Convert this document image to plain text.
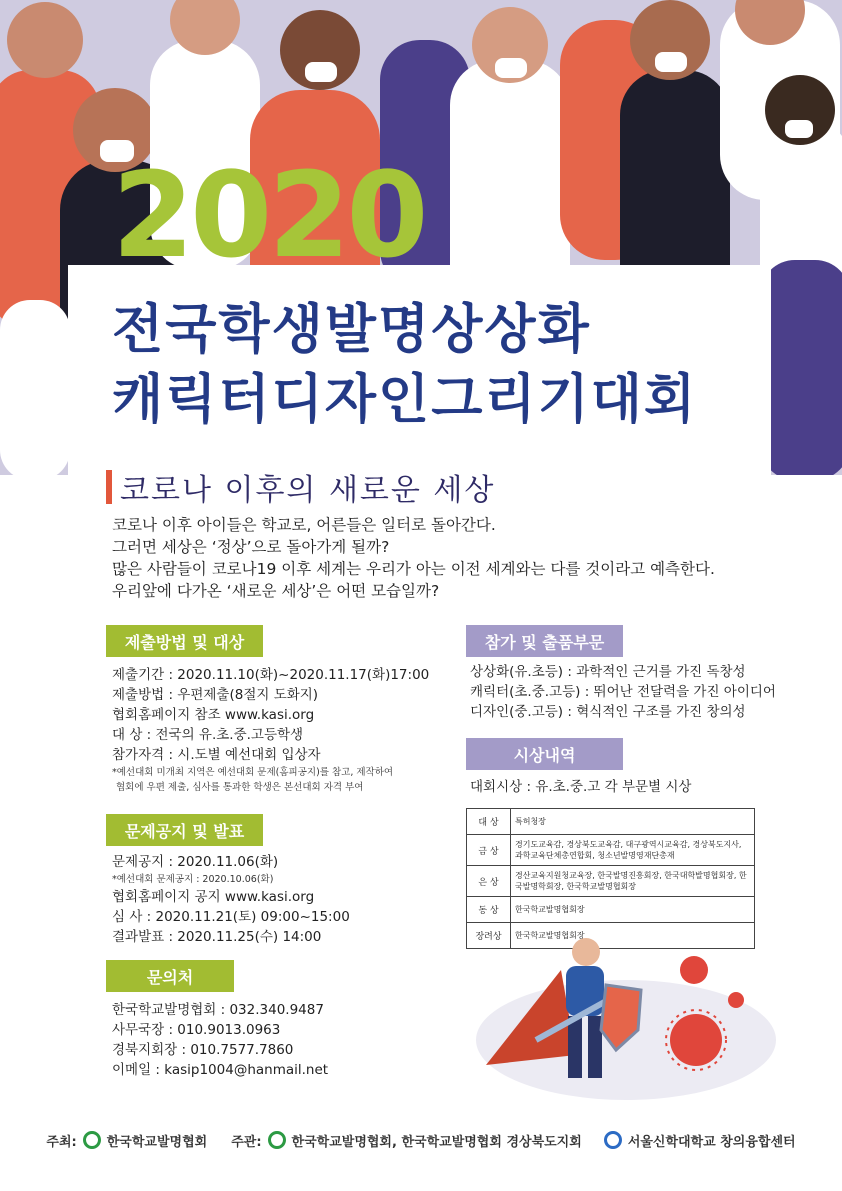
2020
전국학생발명상상화
캐릭터디자인그리기대회
코로나 이후의 새로운 세상
코로나 이후 아이들은 학교로, 어른들은 일터로 돌아간다.
그러면 세상은 ‘정상’으로 돌아가게 될까?
많은 사람들이 코로나19 이후 세계는 우리가 아는 이전 세계와는 다를 것이라고 예측한다.
우리앞에 다가온 ‘새로운 세상’은 어떤 모습일까?
제출방법 및 대상
제출기간 : 2020.11.10(화)~2020.11.17(화)17:00
제출방법 : 우편제출(8절지 도화지)
협회홈페이지 참조 www.kasi.org
대 상 : 전국의 유.초.중.고등학생
참가자격 : 시.도별 예선대회 입상자
*예선대회 미개최 지역은 예선대회 문제(홈피공지)를 참고, 제작하여
협회에 우편 제출, 심사를 통과한 학생은 본선대회 자격 부여
문제공지 및 발표
문제공지 : 2020.11.06(화)
*예선대회 문제공지 : 2020.10.06(화)
협회홈페이지 공지 www.kasi.org
심 사 : 2020.11.21(토) 09:00~15:00
결과발표 : 2020.11.25(수) 14:00
문의처
한국학교발명협회 : 032.340.9487
사무국장 : 010.9013.0963
경북지회장 : 010.7577.7860
이메일 : kasip1004@hanmail.net
참가 및 출품부문
상상화(유.초등) : 과학적인 근거를 가진 독창성
캐릭터(초.중.고등) : 뛰어난 전달력을 가진 아이디어
디자인(중.고등) : 혁식적인 구조를 가진 창의성
시상내역
대회시상 : 유.초.중.고 각 부문별 시상
대 상	특허청장
금 상	경기도교육감, 경상북도교육감, 대구광역시교육감, 경상북도지사, 과학교육단체총연합회, 청소년발명영재단총재
은 상	경산교육지원청교육장, 한국발명진흥회장, 한국대학발명협회장, 한국발명학회장, 한국학교발명협회장
동 상	한국학교발명협회장
장려상	한국학교발명협회장
주최: 한국학교발명협회 주관: 한국학교발명협회, 한국학교발명협회 경상북도지회	서울신학대학교 창의융합센터
